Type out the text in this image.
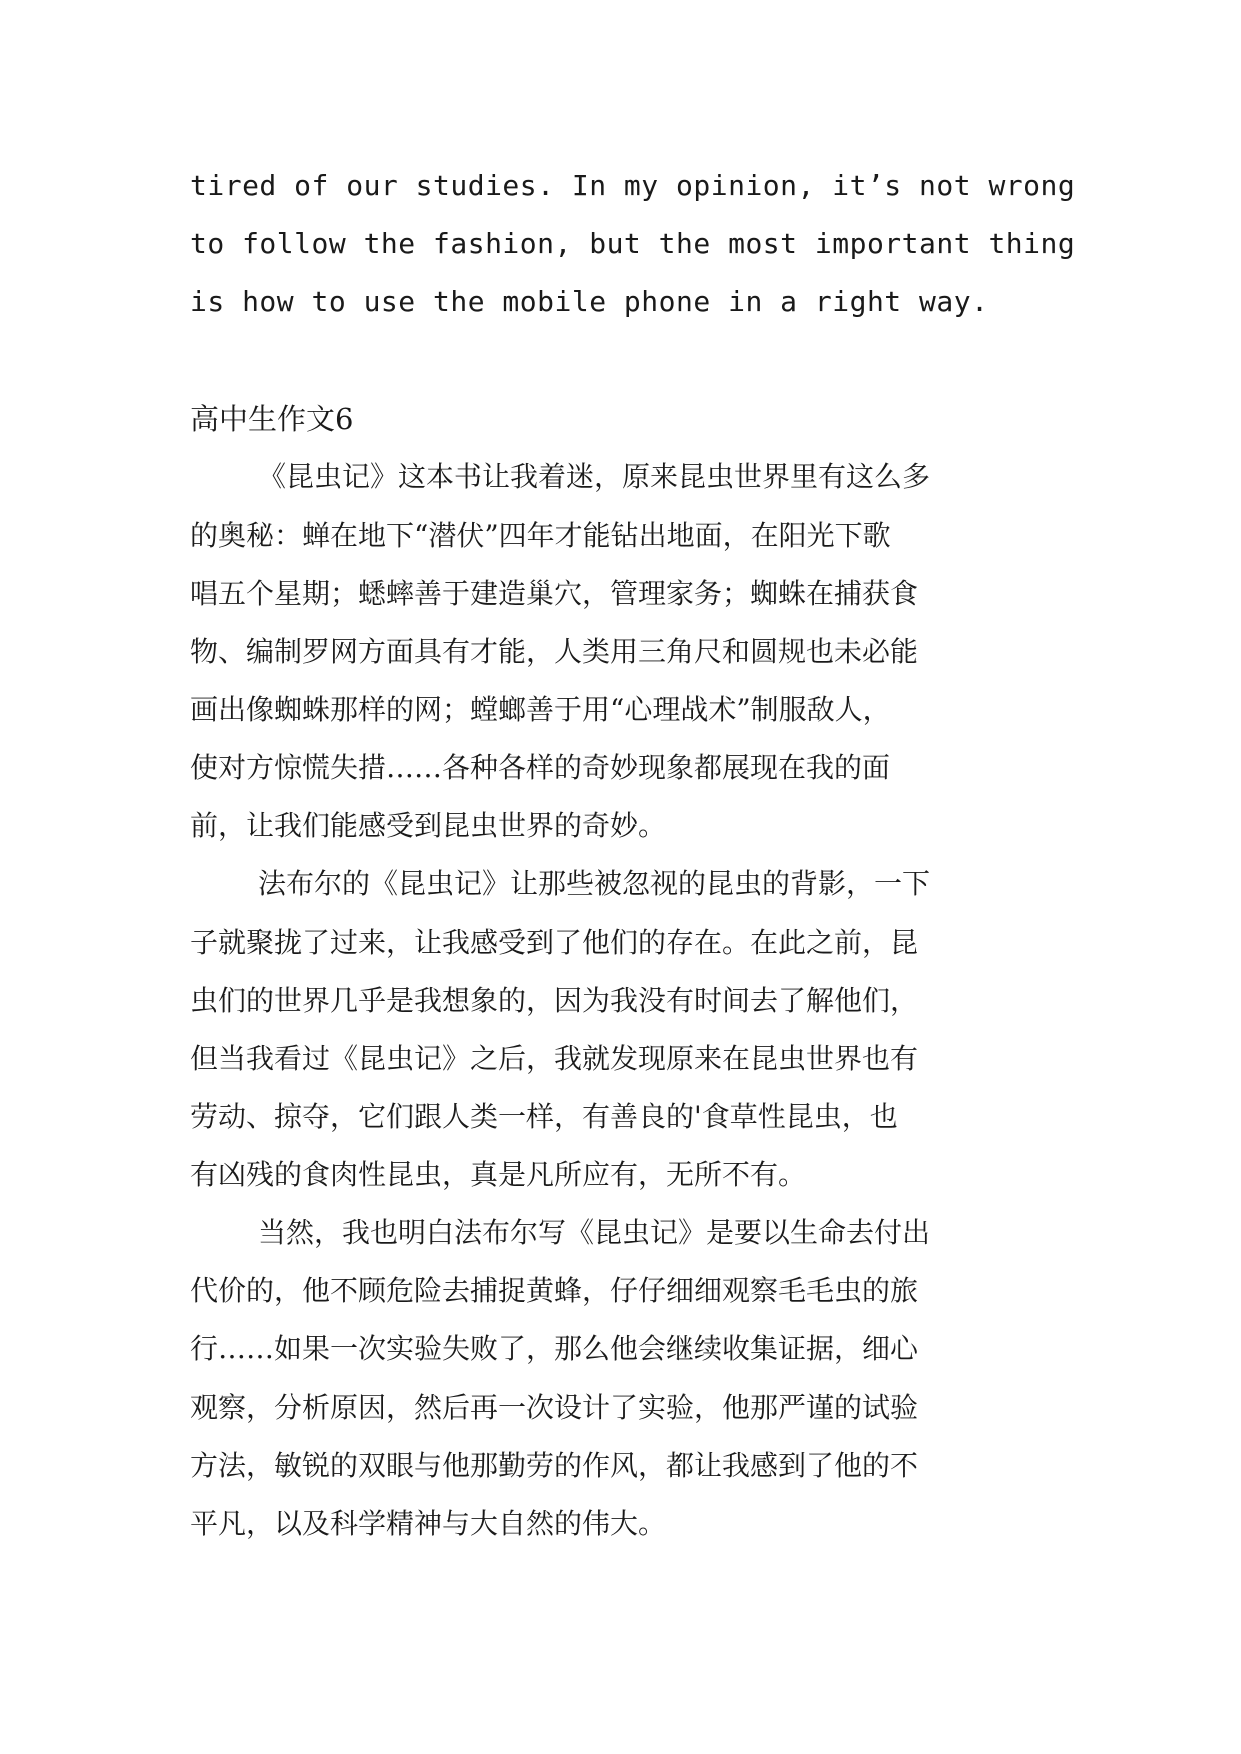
tired of our studies. In my opinion, it’s not wrong
to follow the fashion, but the most important thing
is how to use the mobile phone in a right way.
高中生作文6
《昆虫记》这本书让我着迷，原来昆虫世界里有这么多
的奥秘：蝉在地下“潜伏”四年才能钻出地面，在阳光下歌
唱五个星期；蟋蟀善于建造巢穴，管理家务；蜘蛛在捕获食
物、编制罗网方面具有才能，人类用三角尺和圆规也未必能
画出像蜘蛛那样的网；螳螂善于用“心理战术”制服敌人，
使对方惊慌失措……各种各样的奇妙现象都展现在我的面
前，让我们能感受到昆虫世界的奇妙。
法布尔的《昆虫记》让那些被忽视的昆虫的背影，一下
子就聚拢了过来，让我感受到了他们的存在。在此之前，昆
虫们的世界几乎是我想象的，因为我没有时间去了解他们，
但当我看过《昆虫记》之后，我就发现原来在昆虫世界也有
劳动、掠夺，它们跟人类一样，有善良的'食草性昆虫，也
有凶残的食肉性昆虫，真是凡所应有，无所不有。
当然，我也明白法布尔写《昆虫记》是要以生命去付出
代价的，他不顾危险去捕捉黄蜂，仔仔细细观察毛毛虫的旅
行……如果一次实验失败了，那么他会继续收集证据，细心
观察，分析原因，然后再一次设计了实验，他那严谨的试验
方法，敏锐的双眼与他那勤劳的作风，都让我感到了他的不
平凡，以及科学精神与大自然的伟大。
